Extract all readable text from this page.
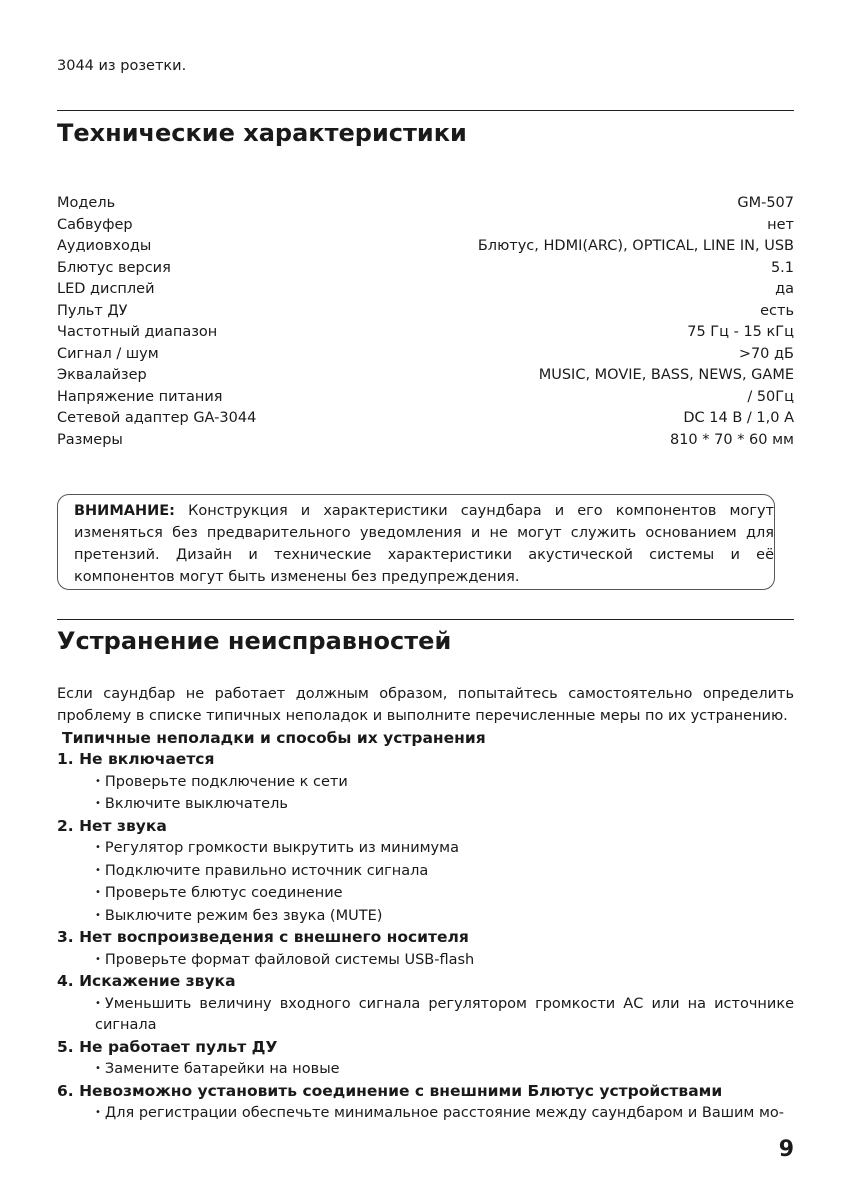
3044 из розетки.
Технические характеристики
Модель	GM-507
Сабвуфер	нет
Аудиовходы	Блютус, HDMI(ARC), OPTICAL, LINE IN, USB
Блютус версия	5.1
LED дисплей	да
Пульт ДУ	есть
Частотный диапазон	75 Гц - 15 кГц
Сигнал / шум	>70 дБ
Эквалайзер	MUSIC, MOVIE, BASS, NEWS, GAME
Напряжение питания	/ 50Гц
Сетевой адаптер GA-3044	DC 14 В / 1,0 А
Размеры	810 * 70 * 60 мм
ВНИМАНИЕ: Конструкция и характеристики саундбара и его компонентов могут изменяться без предварительного уведомления и не могут служить основанием для претензий. Дизайн и технические характеристики акустической системы и её компонентов могут быть изменены без предупреждения.
Устранение неисправностей
Если саундбар не работает должным образом, попытайтесь самостоятельно определить проблему в списке типичных неполадок и выполните перечисленные меры по их устранению.
Типичные неполадки и способы их устранения
1. Не включается
• Проверьте подключение к сети
• Включите выключатель
2. Нет звука
• Регулятор громкости выкрутить из минимума
• Подключите правильно источник сигнала
• Проверьте блютус соединение
• Выключите режим без звука (MUTE)
3. Нет воспроизведения с внешнего носителя
• Проверьте формат файловой системы USB-flash
4. Искажение звука
• Уменьшить величину входного сигнала регулятором громкости АС или на источнике сигнала
5. Не работает пульт ДУ
• Замените батарейки на новые
6. Невозможно установить соединение с внешними Блютус устройствами
• Для регистрации обеспечьте минимальное расстояние между саундбаром и Вашим мо-
9
